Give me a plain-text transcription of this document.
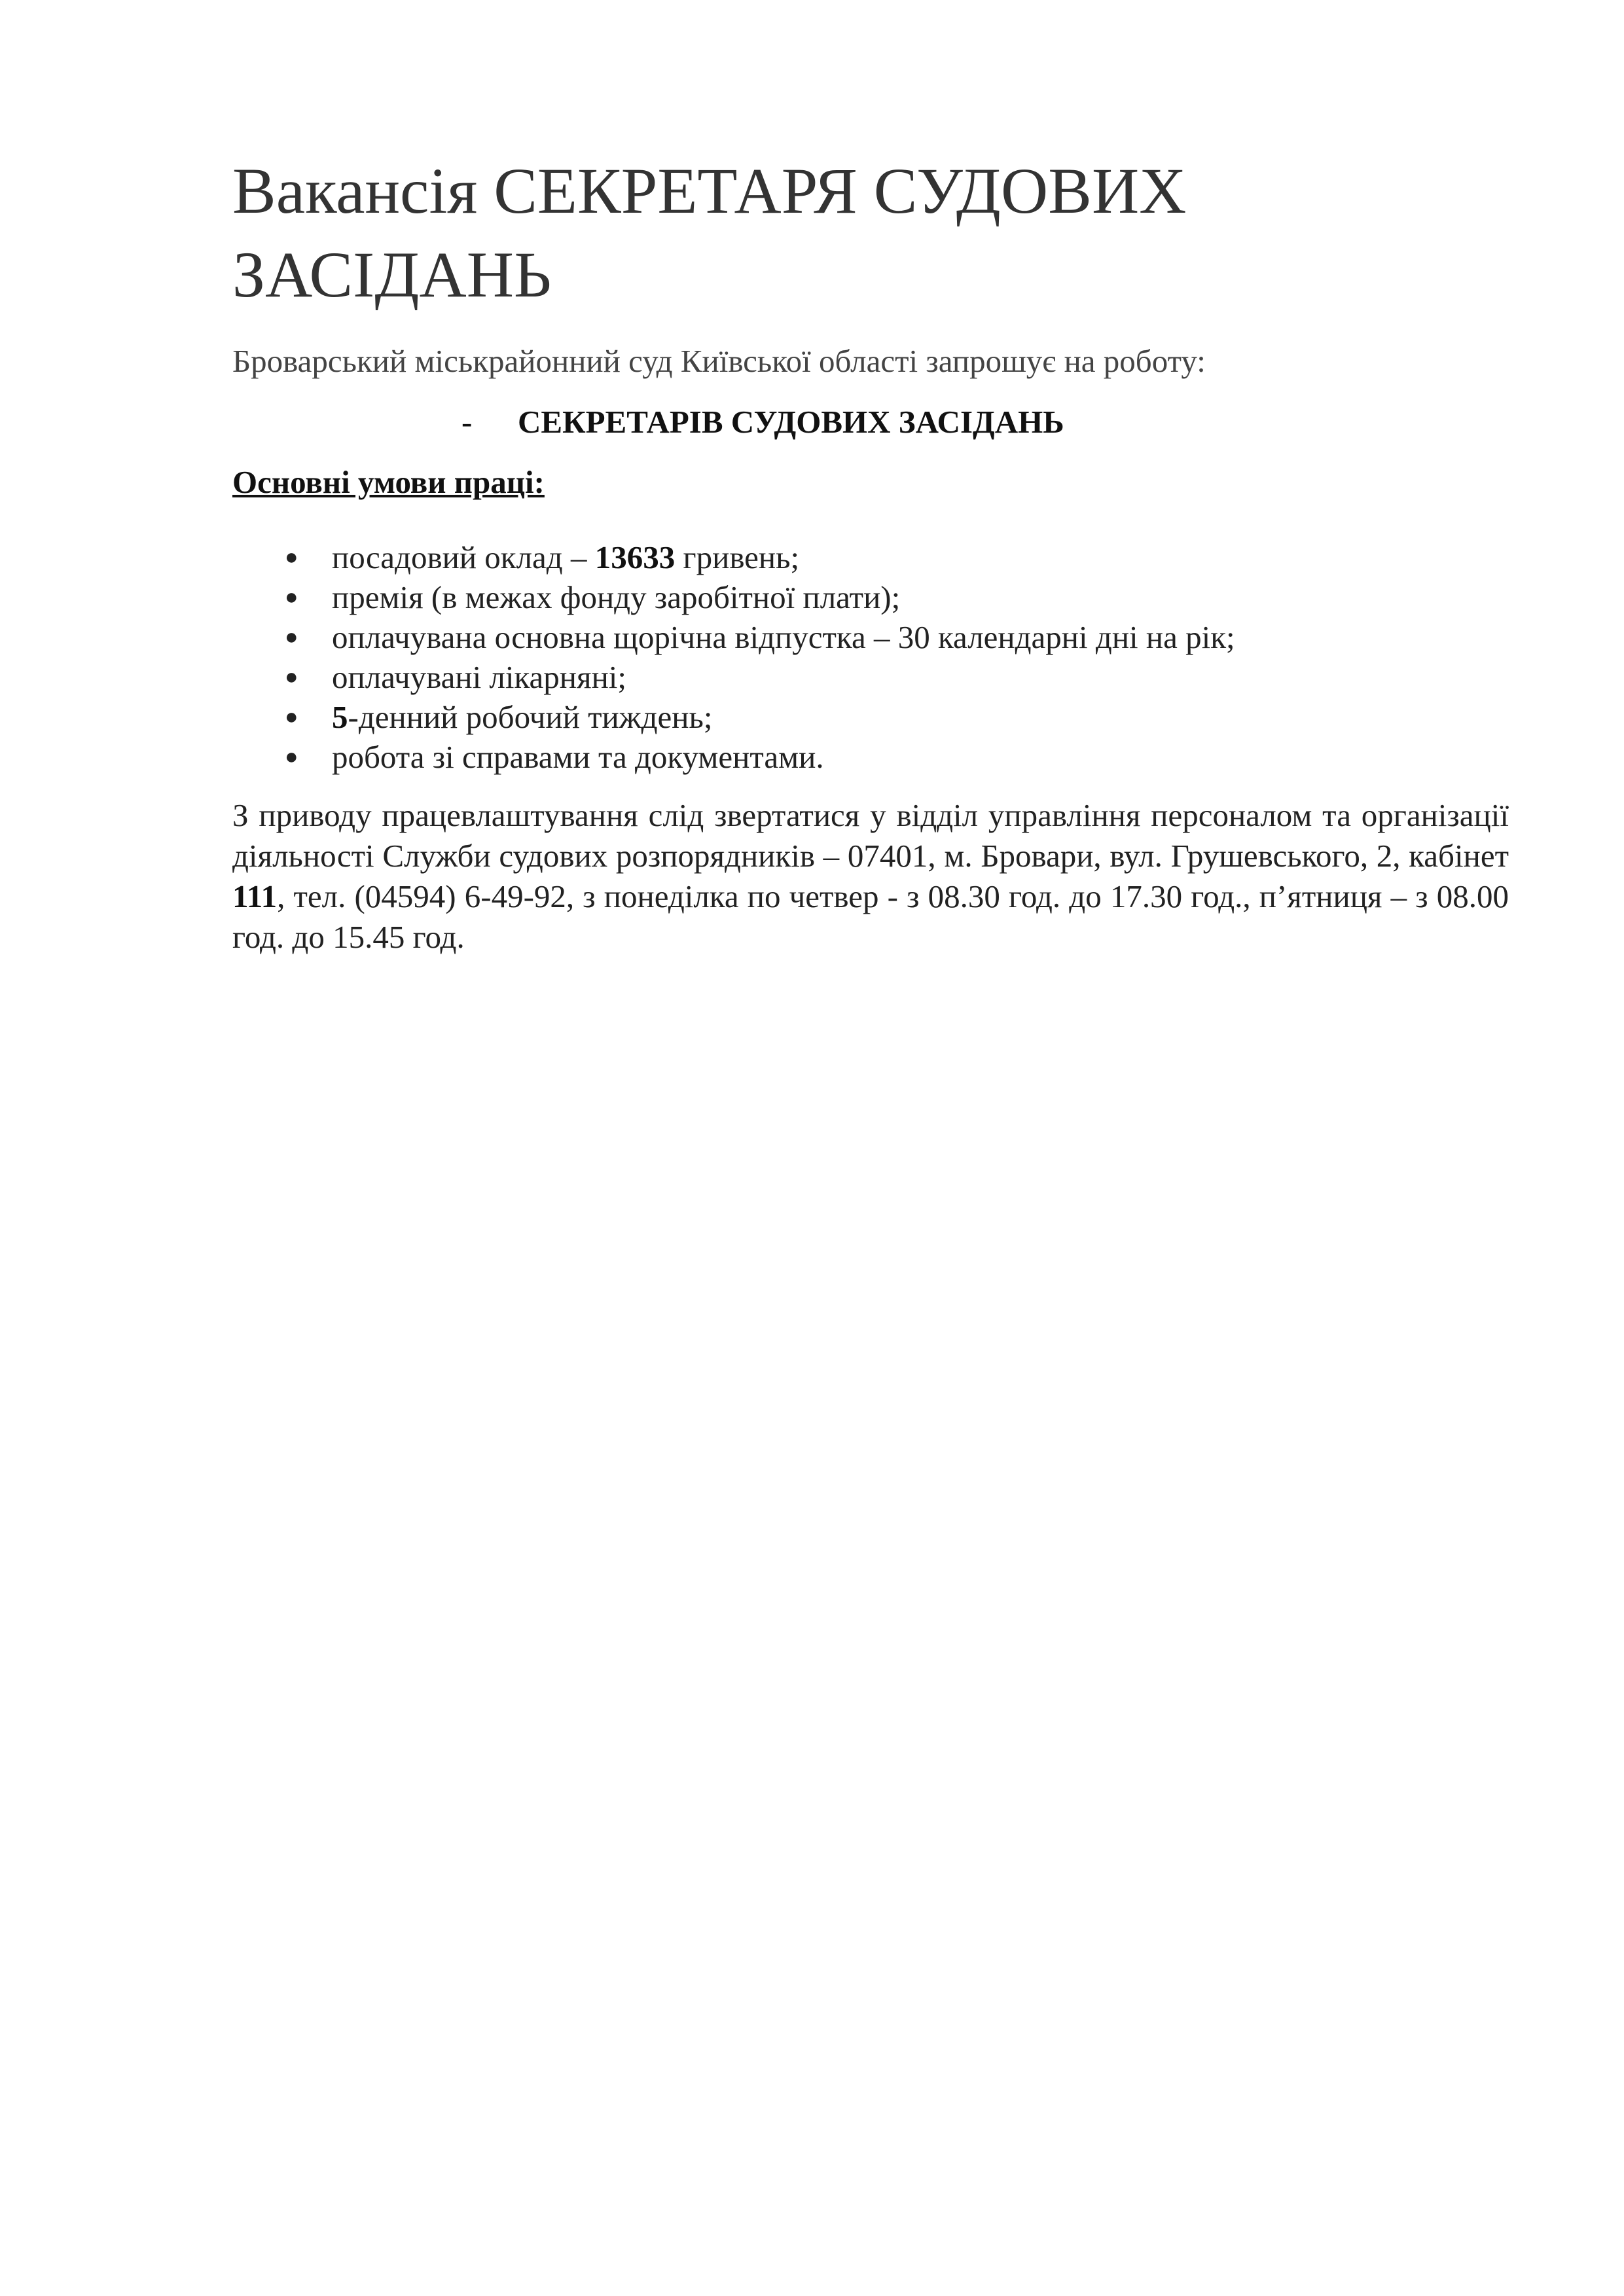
Вакансія СЕКРЕТАРЯ СУДОВИХ ЗАСІДАНЬ

Броварський міськрайонний суд Київської області запрошує на роботу:

- СЕКРЕТАРІВ СУДОВИХ ЗАСІДАНЬ

Основні умови праці:

● посадовий оклад – 13633 гривень;
● премія (в межах фонду заробітної плати);
● оплачувана основна щорічна відпустка – 30 календарні дні на рік;
● оплачувані лікарняні;
● 5-денний робочий тиждень;
● робота зі справами та документами.

З приводу працевлаштування слід звертатися у відділ управління персоналом та організації діяльності Служби судових розпорядників – 07401, м. Бровари, вул. Грушевського, 2, кабінет 111, тел. (04594) 6-49-92, з понеділка по четвер - з 08.30 год. до 17.30 год., п’ятниця – з 08.00 год. до 15.45 год.
